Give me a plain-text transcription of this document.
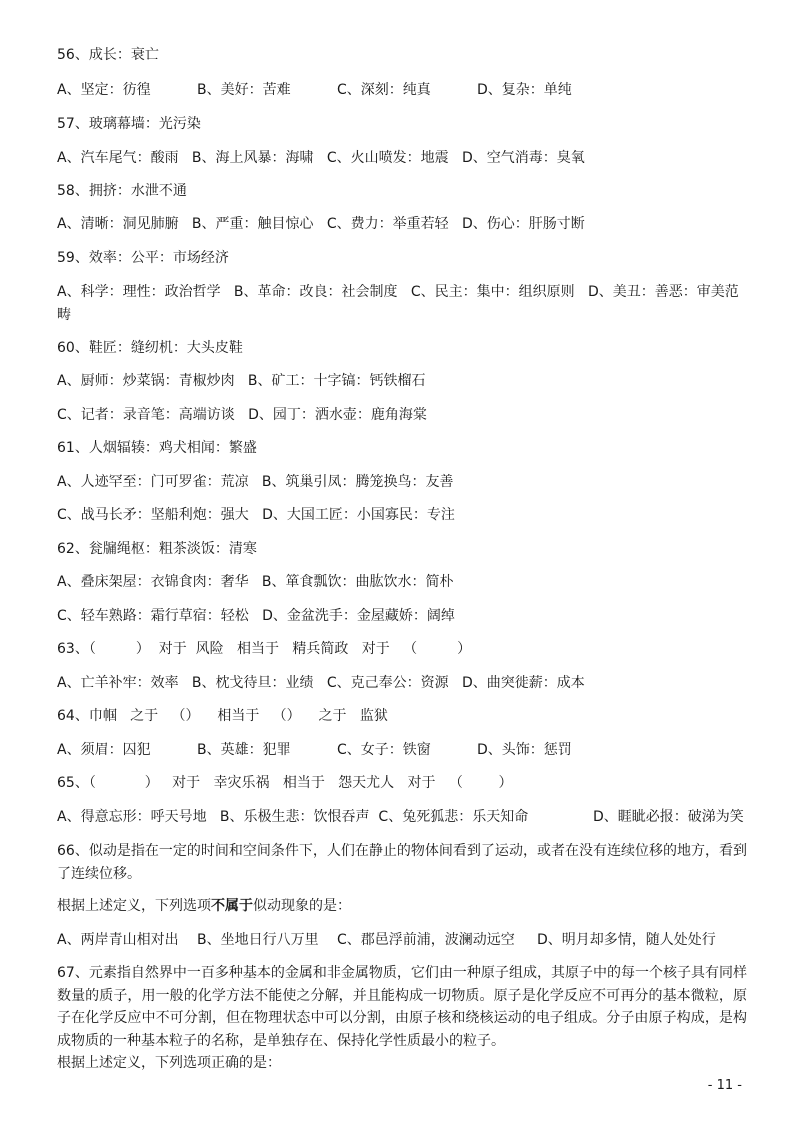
56、成长：衰亡
A、坚定：彷徨	B、美好：苦难	C、深刻：纯真	D、复杂：单纯
57、玻璃幕墙：光污染
A、汽车尾气：酸雨   B、海上风暴：海啸   C、火山喷发：地震   D、空气消毒：臭氧
58、拥挤：水泄不通
A、清晰：洞见肺腑   B、严重：触目惊心   C、费力：举重若轻   D、伤心：肝肠寸断
59、效率：公平：市场经济
A、科学：理性：政治哲学   B、革命：改良：社会制度   C、民主：集中：组织原则   D、美丑：善恶：审美范
畴
60、鞋匠：缝纫机：大头皮鞋
A、厨师：炒菜锅：青椒炒肉   B、矿工：十字镐：钙铁榴石
C、记者：录音笔：高端访谈   D、园丁：洒水壶：鹿角海棠
61、人烟辐辏：鸡犬相闻：繁盛
A、人迹罕至：门可罗雀：荒凉   B、筑巢引凤：腾笼换鸟：友善
C、战马长矛：坚船利炮：强大   D、大国工匠：小国寡民：专注
62、瓮牖绳枢：粗茶淡饭：清寒
A、叠床架屋：衣锦食肉：奢华   B、箪食瓢饮：曲肱饮水：简朴
C、轻车熟路：霜行草宿：轻松   D、金盆洗手：金屋藏娇：阔绰
63、（         ）  对于  风险   相当于   精兵简政   对于   （         ）
A、亡羊补牢：效率   B、枕戈待旦：业绩   C、克己奉公：资源   D、曲突徙薪：成本
64、巾帼   之于   （）    相当于   （）    之于   监狱
A、须眉：囚犯	B、英雄：犯罪	C、女子：铁窗	D、头饰：惩罚
65、（           ）   对于   幸灾乐祸   相当于   怨天尤人   对于   （        ）
A、得意忘形：呼天号地   B、乐极生悲：饮恨吞声  C、兔死狐悲：乐天知命	D、睚眦必报：破涕为笑
66、似动是指在一定的时间和空间条件下，人们在静止的物体间看到了运动，或者在没有连续位移的地方，看到了连续位移。
根据上述定义，下列选项不属于似动现象的是：
A、两岸青山相对出 B、坐地日行八万里 C、郡邑浮前浦，波澜动远空 D、明月却多情，随人处处行
67、元素指自然界中一百多种基本的金属和非金属物质，它们由一种原子组成，其原子中的每一个核子具有同样数量的质子，用一般的化学方法不能使之分解，并且能构成一切物质。原子是化学反应不可再分的基本微粒，原子在化学反应中不可分割，但在物理状态中可以分割，由原子核和绕核运动的电子组成。分子由原子构成，是构成物质的一种基本粒子的名称，是单独存在、保持化学性质最小的粒子。
根据上述定义，下列选项正确的是：
- 11 -
